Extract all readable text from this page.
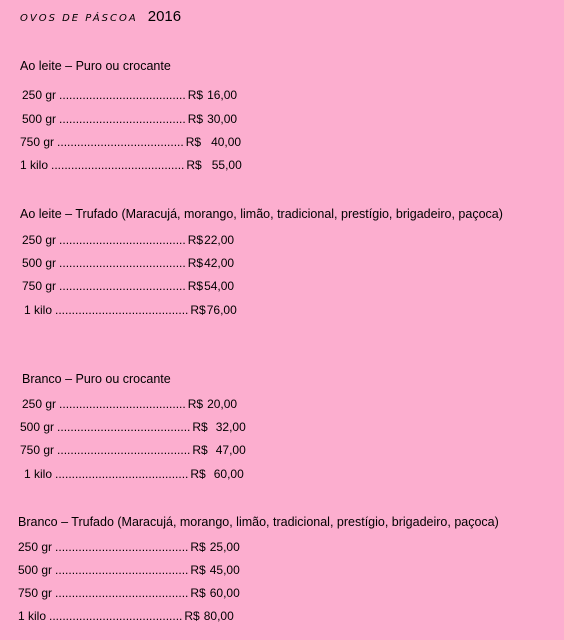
OVOS DE PÁSCOA 2016
Ao leite – Puro ou crocante
250 gr ...................................... R$ 16,00
500 gr ...................................... R$ 30,00
750 gr ...................................... R$ 40,00
1 kilo ........................................ R$ 55,00
Ao leite – Trufado (Maracujá, morango, limão, tradicional, prestígio, brigadeiro, paçoca)
250 gr ...................................... R$ 22,00
500 gr ...................................... R$ 42,00
750 gr ...................................... R$ 54,00
1 kilo ........................................ R$ 76,00
Branco – Puro ou crocante
250 gr ...................................... R$ 20,00
500 gr ........................................ R$ 32,00
750 gr ........................................ R$ 47,00
1 kilo ........................................ R$ 60,00
Branco – Trufado (Maracujá, morango, limão, tradicional, prestígio, brigadeiro, paçoca)
250 gr ........................................ R$ 25,00
500 gr ........................................ R$ 45,00
750 gr ........................................ R$ 60,00
1 kilo ........................................ R$ 80,00
